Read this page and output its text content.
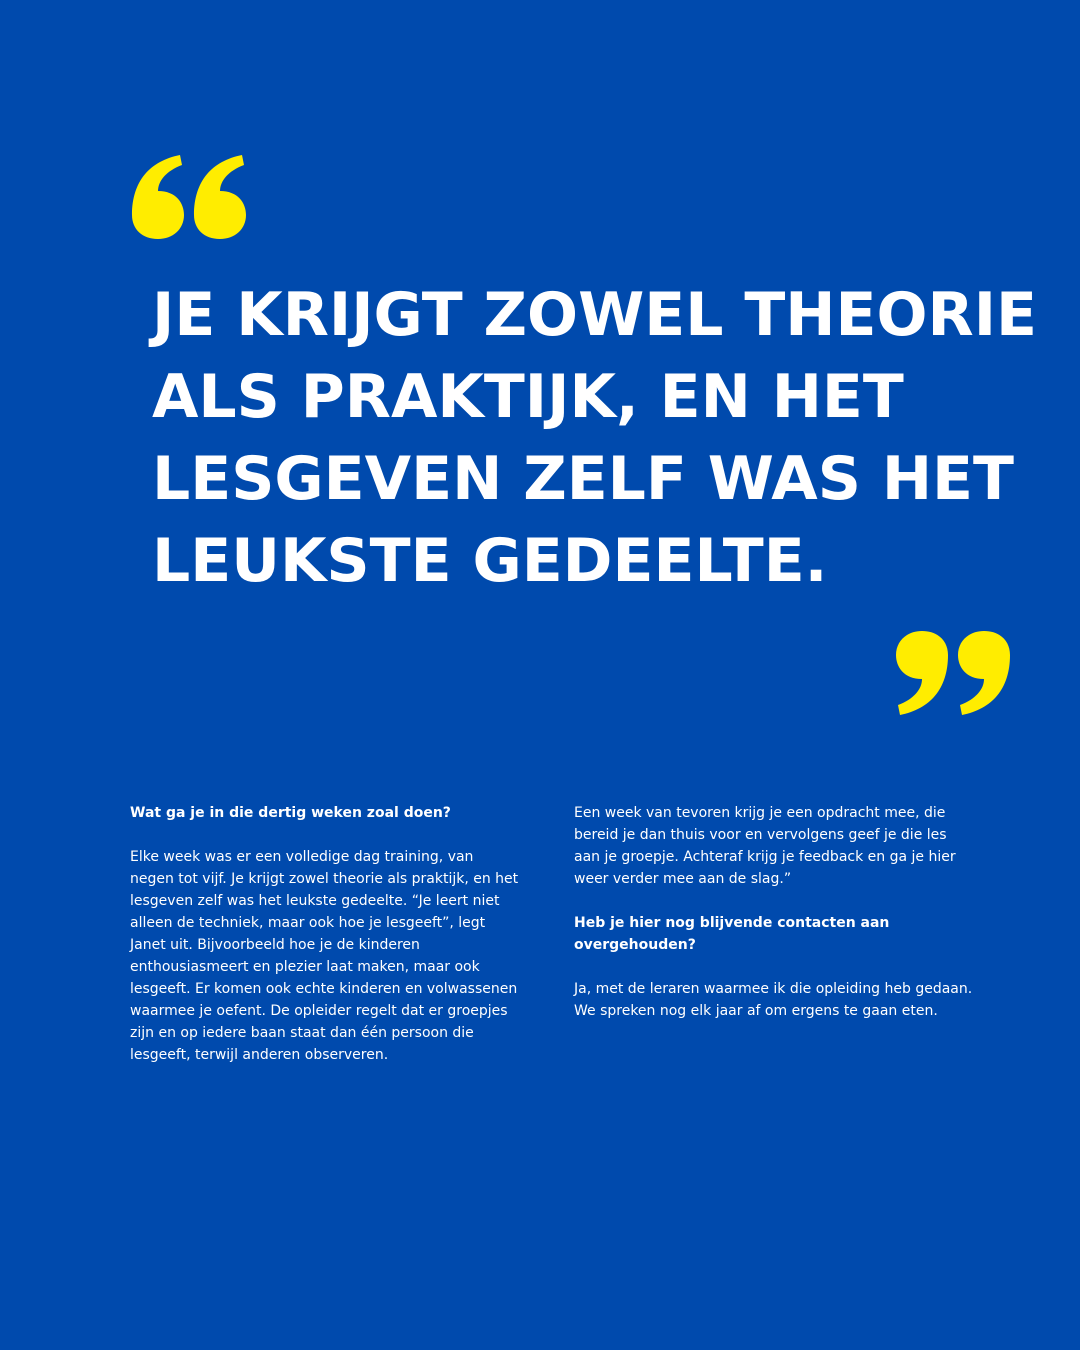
JE KRIJGT ZOWEL THEORIE
ALS PRAKTIJK, EN HET
LESGEVEN ZELF WAS HET
LEUKSTE GEDEELTE.

Wat ga je in die dertig weken zoal doen?

Elke week was er een volledige dag training, van
negen tot vijf. Je krijgt zowel theorie als praktijk, en het
lesgeven zelf was het leukste gedeelte. “Je leert niet
alleen de techniek, maar ook hoe je lesgeeft”, legt
Janet uit. Bijvoorbeeld hoe je de kinderen
enthousiasmeert en plezier laat maken, maar ook
lesgeeft. Er komen ook echte kinderen en volwassenen
waarmee je oefent. De opleider regelt dat er groepjes
zijn en op iedere baan staat dan één persoon die
lesgeeft, terwijl anderen observeren.

Een week van tevoren krijg je een opdracht mee, die
bereid je dan thuis voor en vervolgens geef je die les
aan je groepje. Achteraf krijg je feedback en ga je hier
weer verder mee aan de slag.”

Heb je hier nog blijvende contacten aan
overgehouden?

Ja, met de leraren waarmee ik die opleiding heb gedaan.
We spreken nog elk jaar af om ergens te gaan eten.
